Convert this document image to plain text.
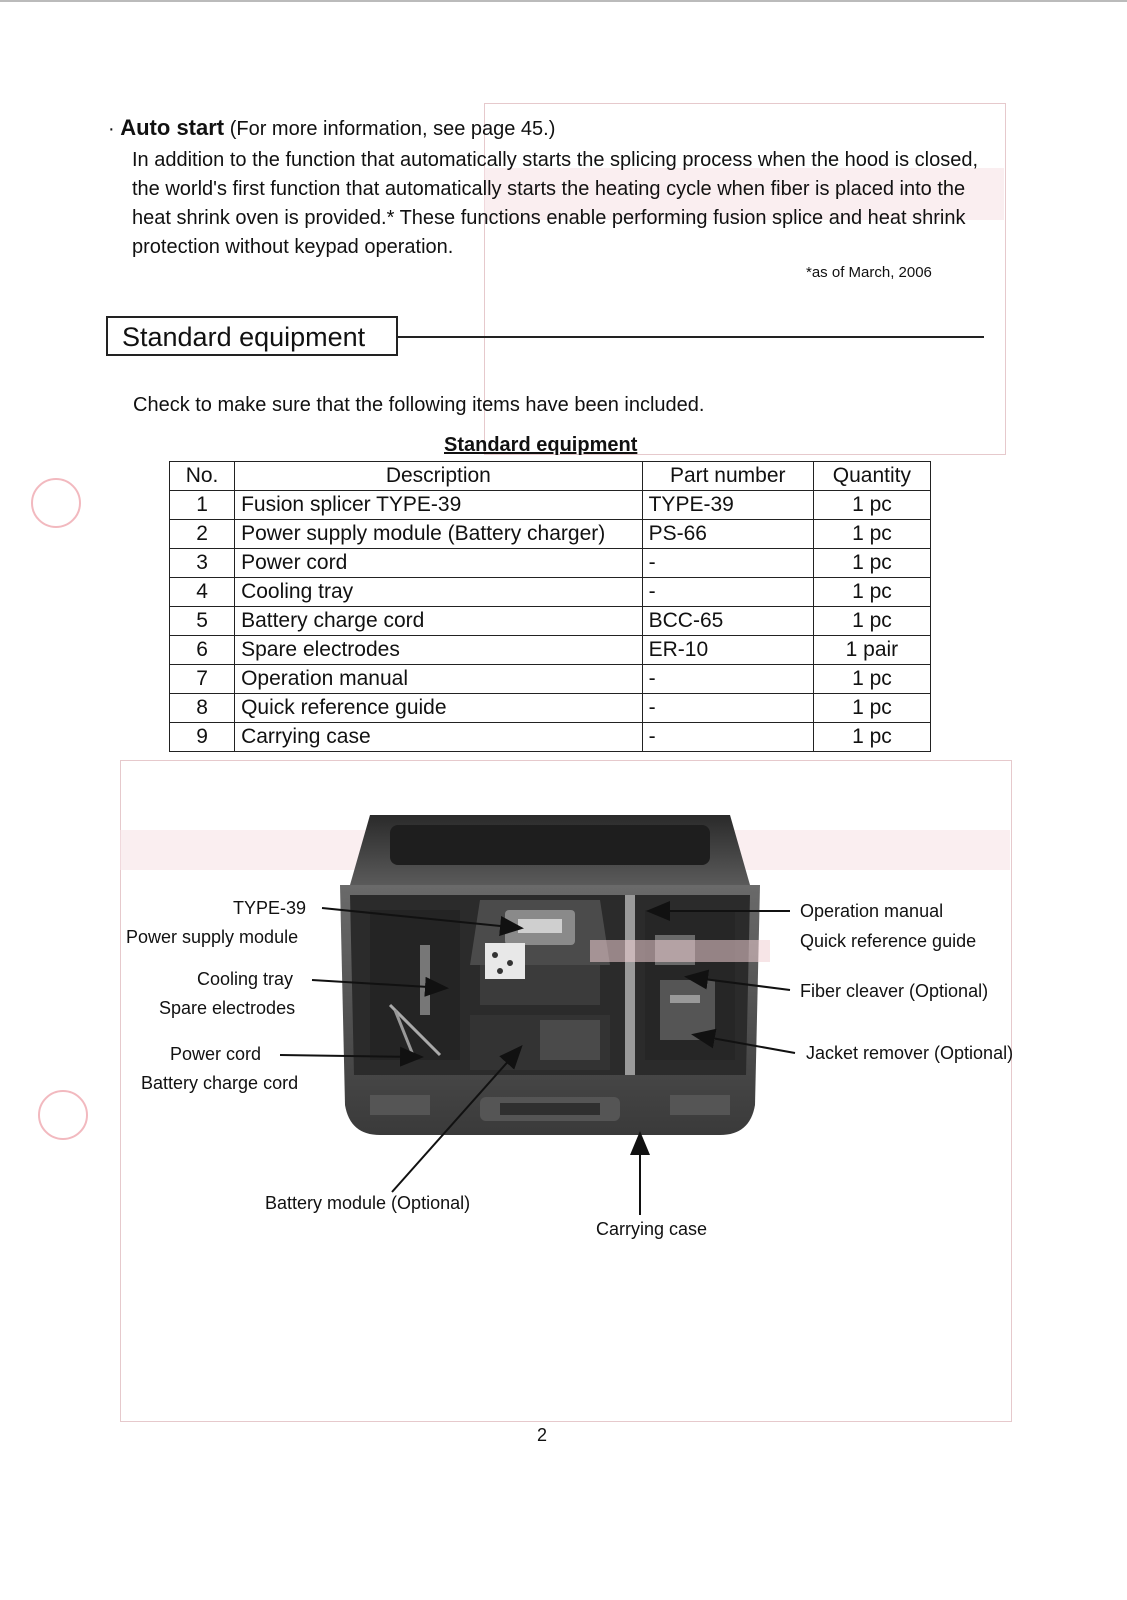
· Auto start (For more information, see page 45.)
In addition to the function that automatically starts the splicing process when the hood is closed, the world's first function that automatically starts the heating cycle when fiber is placed into the heat shrink oven is provided.* These functions enable performing fusion splice and heat shrink protection without keypad operation.
*as of March, 2006
Standard equipment
Check to make sure that the following items have been included.
Standard equipment
No.	Description	Part number	Quantity
1	Fusion splicer TYPE-39	TYPE-39	1 pc
2	Power supply module (Battery charger)	PS-66	1 pc
3	Power cord	-	1 pc
4	Cooling tray	-	1 pc
5	Battery charge cord	BCC-65	1 pc
6	Spare electrodes	ER-10	1 pair
7	Operation manual	-	1 pc
8	Quick reference guide	-	1 pc
9	Carrying case	-	1 pc
TYPE-39
Power supply module
Cooling tray
Spare electrodes
Power cord
Battery charge cord
Operation manual
Quick reference guide
Fiber cleaver (Optional)
Jacket remover (Optional)
Battery module (Optional)
Carrying case
2
